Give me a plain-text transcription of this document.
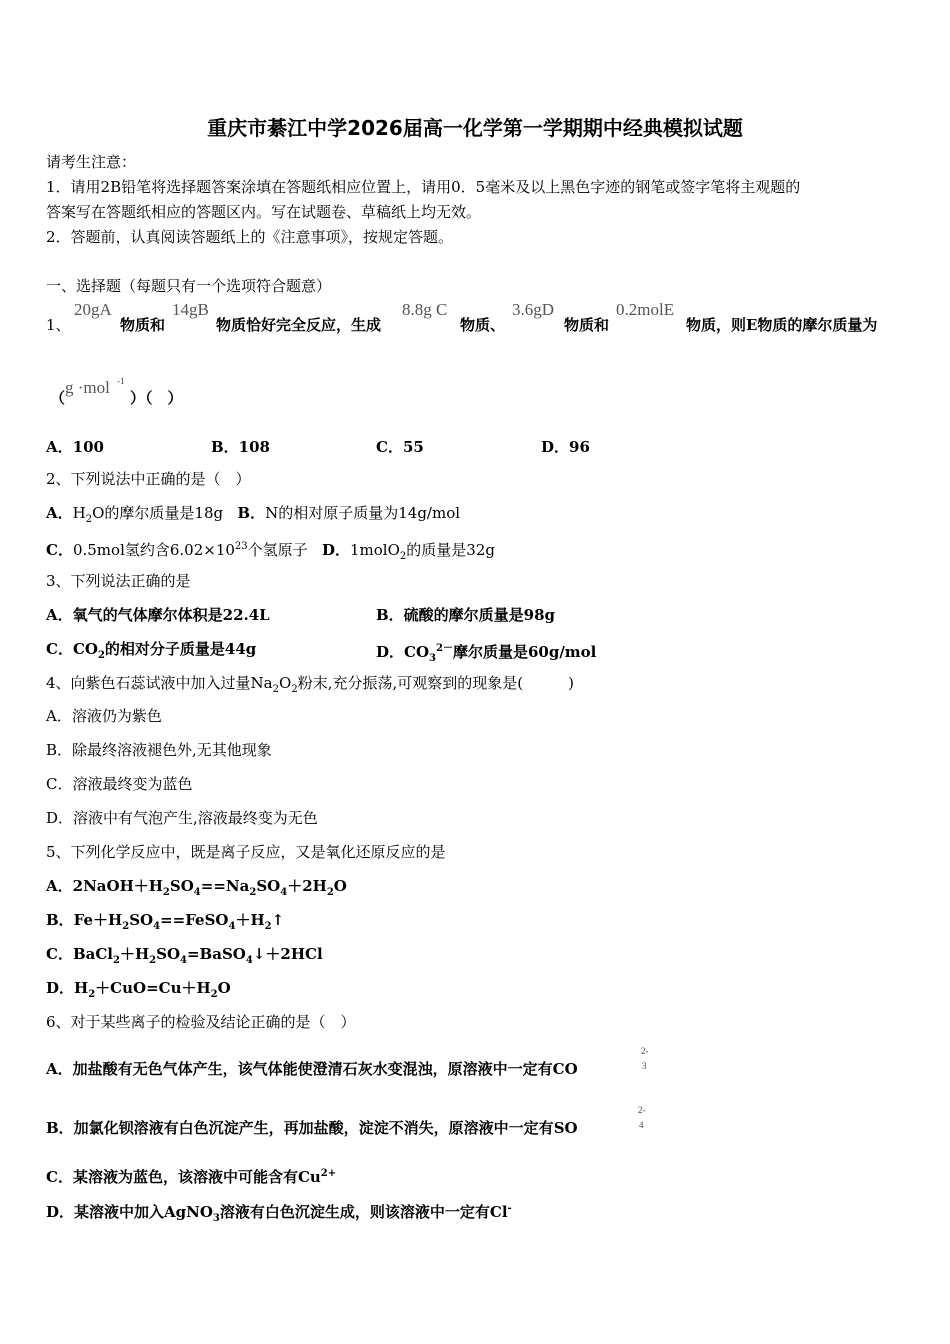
重庆市綦江中学2026届高一化学第一学期期中经典模拟试题
请考生注意：
1．请用2B铅笔将选择题答案涂填在答题纸相应位置上，请用0．5毫米及以上黑色字迹的钢笔或签字笔将主观题的
答案写在答题纸相应的答题区内。写在试题卷、草稿纸上均无效。
2．答题前，认真阅读答题纸上的《注意事项》，按规定答题。
一、选择题（每题只有一个选项符合题意）
1、
20gA
物质和
14gB
物质恰好完全反应，生成
8.8g C
物质、
3.6gD
物质和
0.2molE
物质，则E物质的摩尔质量为
（
g ·mol -1
）（　）
A．100	B．108	C．55	D．96
2、下列说法中正确的是（　）
A．$H_2O$的摩尔质量是18g B．N的相对原子质量为14g/mol
C．0.5mol氢约含$6.02\times 10^{23}$个氢原子 D．1molO$_2$的质量是32g
3、下列说法正确的是
A．氧气的气体摩尔体积是22.4L	B．硫酸的摩尔质量是98g
C．$CO_2$的相对分子质量是44g	D．$CO_3^{2-}$摩尔质量是60g/mol
4、向紫色石蕊试液中加入过量$Na_2O_2$粉末,充分振荡,可观察到的现象是(　　　)
A．溶液仍为紫色
B．除最终溶液褪色外,无其他现象
C．溶液最终变为蓝色
D．溶液中有气泡产生,溶液最终变为无色
5、下列化学反应中，既是离子反应，又是氧化还原反应的是
A．$2NaOH+H_2SO_4==Na_2SO_4+2H_2O$
B．$Fe+H_2SO_4==FeSO_4+H_2↑$
C．$BaCl_2+H_2SO_4=BaSO_4↓+2HCl$
D．$H_2+CuO=Cu+H_2O$
6、对于某些离子的检验及结论正确的是（　）
A．加盐酸有无色气体产生，该气体能使澄清石灰水变混浊，原溶液中一定有CO
2-
3
B．加氯化钡溶液有白色沉淀产生，再加盐酸，淀淀不消失，原溶液中一定有SO
2-
4
C．某溶液为蓝色，该溶液中可能含有$Cu^{2+}$
D．某溶液中加入AgNO$_3$溶液有白色沉淀生成，则该溶液中一定有Cl-
